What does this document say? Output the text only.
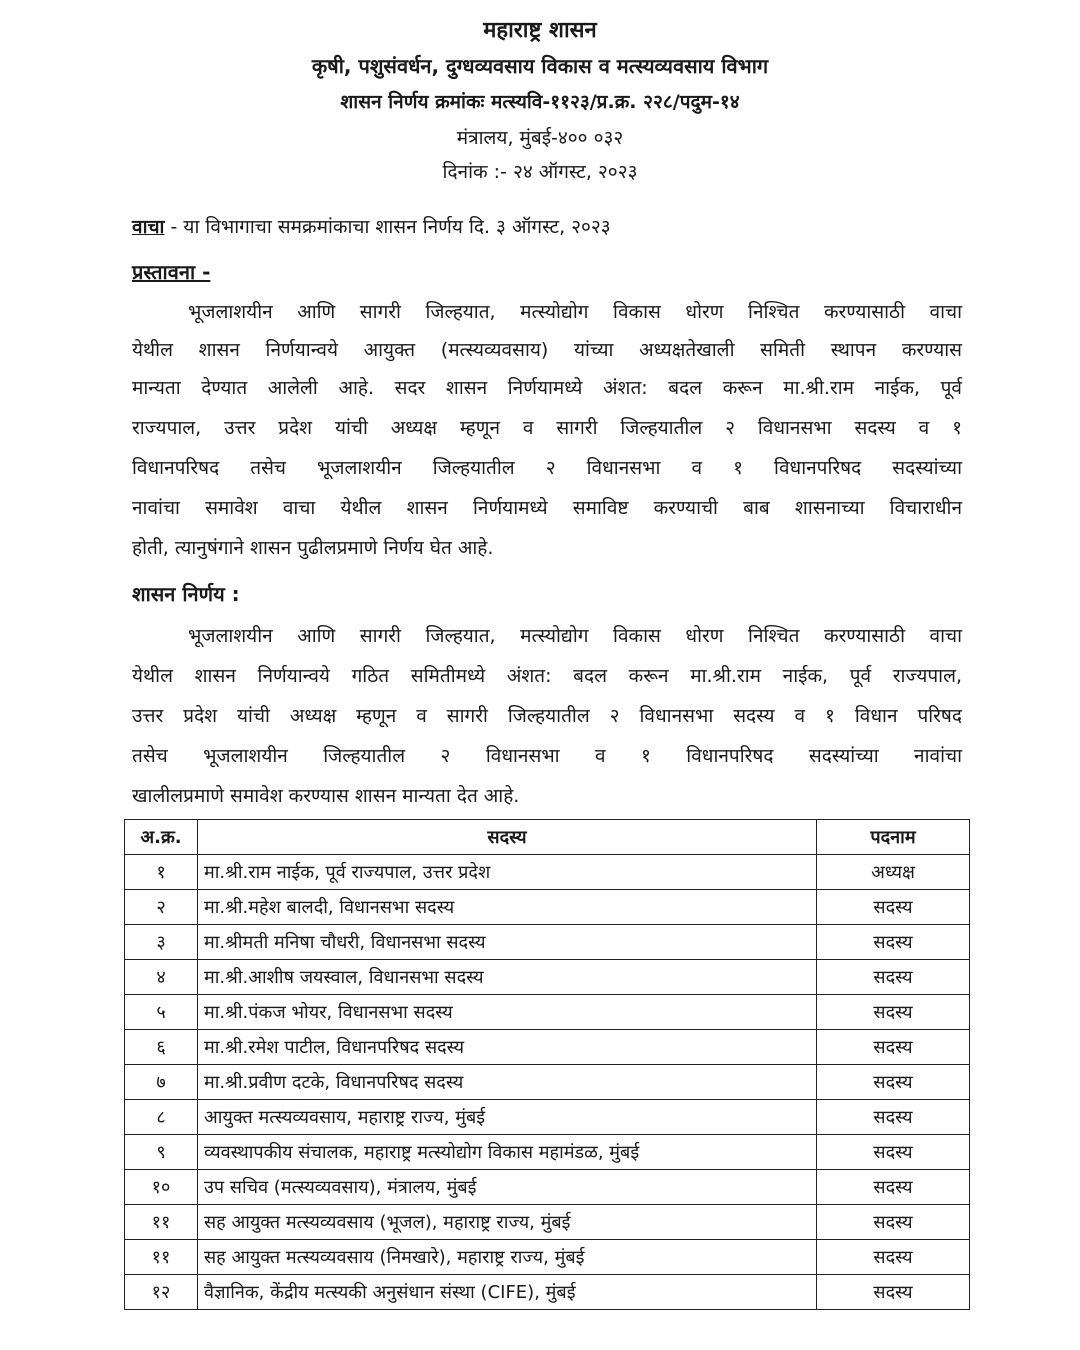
महाराष्ट्र शासन
कृषी, पशुसंवर्धन, दुग्धव्यवसाय विकास व मत्स्यव्यवसाय विभाग
शासन निर्णय क्रमांकः मत्स्यवि-११२३/प्र.क्र. २२८/पदुम-१४
मंत्रालय, मुंबई-४०० ०३२
दिनांक :- २४ ऑगस्ट, २०२३
वाचा - या विभागाचा समक्रमांकाचा शासन निर्णय दि. ३ ऑगस्ट, २०२३
प्रस्तावना -
भूजलाशयीन आणि सागरी जिल्हयात, मत्स्योद्योग विकास धोरण निश्चित करण्यासाठी वाचा
येथील शासन निर्णयान्वये आयुक्त (मत्स्यव्यवसाय) यांच्या अध्यक्षतेखाली समिती स्थापन करण्यास
मान्यता देण्यात आलेली आहे. सदर शासन निर्णयामध्ये अंशत: बदल करून मा.श्री.राम नाईक, पूर्व
राज्यपाल, उत्तर प्रदेश यांची अध्यक्ष म्हणून व सागरी जिल्हयातील २ विधानसभा सदस्य व १
विधानपरिषद तसेच भूजलाशयीन जिल्हयातील २ विधानसभा व १ विधानपरिषद सदस्यांच्या
नावांचा समावेश वाचा येथील शासन निर्णयामध्ये समाविष्ट करण्याची बाब शासनाच्या विचाराधीन
होती, त्यानुषंगाने शासन पुढीलप्रमाणे निर्णय घेत आहे.
शासन निर्णय :
भूजलाशयीन आणि सागरी जिल्हयात, मत्स्योद्योग विकास धोरण निश्चित करण्यासाठी वाचा
येथील शासन निर्णयान्वये गठित समितीमध्ये अंशत: बदल करून मा.श्री.राम नाईक, पूर्व राज्यपाल,
उत्तर प्रदेश यांची अध्यक्ष म्हणून व सागरी जिल्हयातील २ विधानसभा सदस्य व १ विधान परिषद
तसेच भूजलाशयीन जिल्हयातील २ विधानसभा व १ विधानपरिषद सदस्यांच्या नावांचा
खालीलप्रमाणे समावेश करण्यास शासन मान्यता देत आहे.
अ.क्र.	सदस्य	पदनाम
१	मा.श्री.राम नाईक, पूर्व राज्यपाल, उत्तर प्रदेश	अध्यक्ष
२	मा.श्री.महेश बालदी, विधानसभा सदस्य	सदस्य
३	मा.श्रीमती मनिषा चौधरी, विधानसभा सदस्य	सदस्य
४	मा.श्री.आशीष जयस्वाल, विधानसभा सदस्य	सदस्य
५	मा.श्री.पंकज भोयर, विधानसभा सदस्य	सदस्य
६	मा.श्री.रमेश पाटील, विधानपरिषद सदस्य	सदस्य
७	मा.श्री.प्रवीण दटके, विधानपरिषद सदस्य	सदस्य
८	आयुक्त मत्स्यव्यवसाय, महाराष्ट्र राज्य, मुंबई	सदस्य
९	व्यवस्थापकीय संचालक, महाराष्ट्र मत्स्योद्योग विकास महामंडळ, मुंबई	सदस्य
१०	उप सचिव (मत्स्यव्यवसाय), मंत्रालय, मुंबई	सदस्य
११	सह आयुक्त मत्स्यव्यवसाय (भूजल), महाराष्ट्र राज्य, मुंबई	सदस्य
११	सह आयुक्त मत्स्यव्यवसाय (निमखारे), महाराष्ट्र राज्य, मुंबई	सदस्य
१२	वैज्ञानिक, केंद्रीय मत्स्यकी अनुसंधान संस्था (CIFE), मुंबई	सदस्य
